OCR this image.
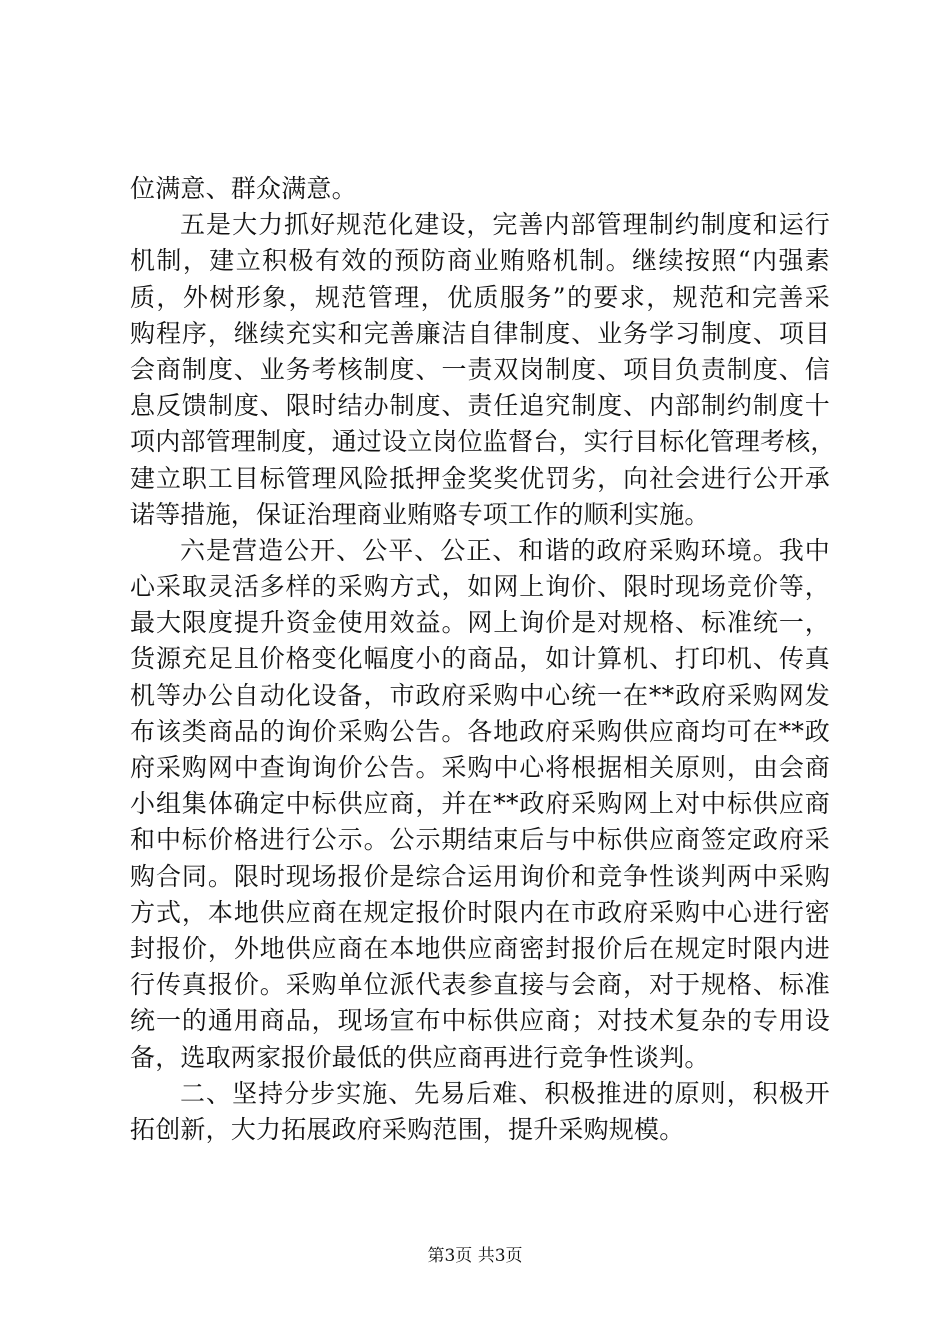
位满意、群众满意。
五是大力抓好规范化建设，完善内部管理制约制度和运行
机制，建立积极有效的预防商业贿赂机制。继续按照“内强素
质，外树形象，规范管理，优质服务”的要求，规范和完善采
购程序，继续充实和完善廉洁自律制度、业务学习制度、项目
会商制度、业务考核制度、一责双岗制度、项目负责制度、信
息反馈制度、限时结办制度、责任追究制度、内部制约制度十
项内部管理制度，通过设立岗位监督台，实行目标化管理考核，
建立职工目标管理风险抵押金奖奖优罚劣，向社会进行公开承
诺等措施，保证治理商业贿赂专项工作的顺利实施。
六是营造公开、公平、公正、和谐的政府采购环境。我中
心采取灵活多样的采购方式，如网上询价、限时现场竞价等，
最大限度提升资金使用效益。网上询价是对规格、标准统一，
货源充足且价格变化幅度小的商品，如计算机、打印机、传真
机等办公自动化设备，市政府采购中心统一在**政府采购网发
布该类商品的询价采购公告。各地政府采购供应商均可在**政
府采购网中查询询价公告。采购中心将根据相关原则，由会商
小组集体确定中标供应商，并在**政府采购网上对中标供应商
和中标价格进行公示。公示期结束后与中标供应商签定政府采
购合同。限时现场报价是综合运用询价和竞争性谈判两中采购
方式，本地供应商在规定报价时限内在市政府采购中心进行密
封报价，外地供应商在本地供应商密封报价后在规定时限内进
行传真报价。采购单位派代表参直接与会商，对于规格、标准
统一的通用商品，现场宣布中标供应商；对技术复杂的专用设
备，选取两家报价最低的供应商再进行竞争性谈判。
二、坚持分步实施、先易后难、积极推进的原则，积极开
拓创新，大力拓展政府采购范围，提升采购规模。
第3页 共3页
